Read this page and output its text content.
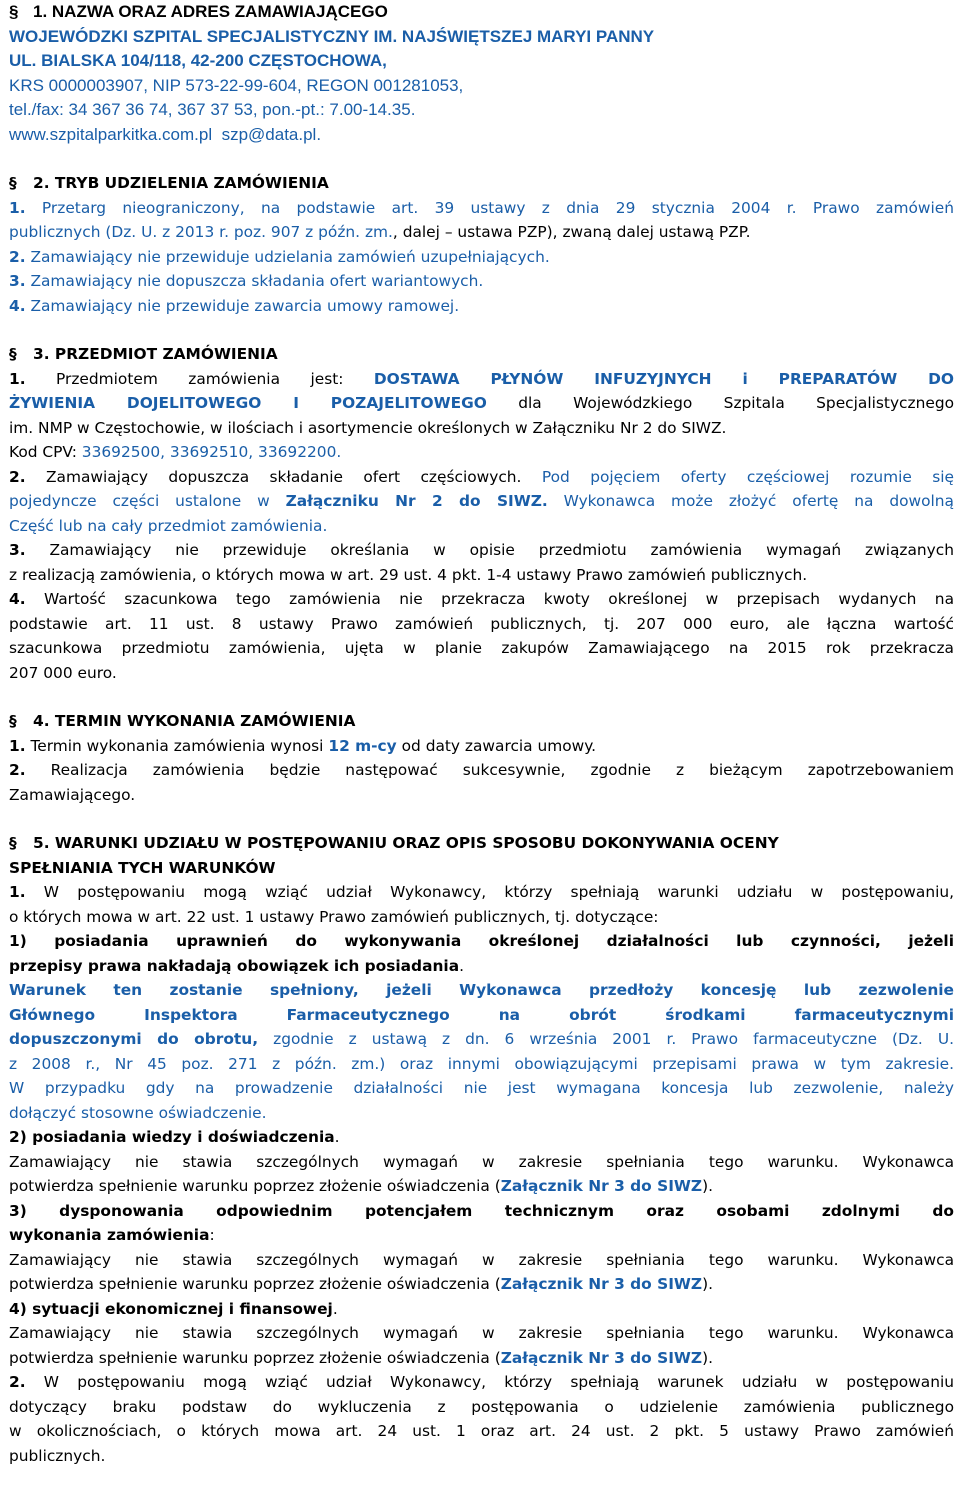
§ 1. NAZWA ORAZ ADRES ZAMAWIAJĄCEGO
WOJEWÓDZKI SZPITAL SPECJALISTYCZNY IM. NAJŚWIĘTSZEJ MARYI PANNY
UL. BIALSKA 104/118, 42-200 CZĘSTOCHOWA,
KRS 0000003907, NIP 573-22-99-604, REGON 001281053,
tel./fax: 34 367 36 74, 367 37 53, pon.-pt.: 7.00-14.35.
www.szpitalparkitka.com.pl szp@data.pl.
§ 2. TRYB UDZIELENIA ZAMÓWIENIA
1. Przetarg nieograniczony, na podstawie art. 39 ustawy z dnia 29 stycznia 2004 r. Prawo zamówień
publicznych (Dz. U. z 2013 r. poz. 907 z późn. zm., dalej – ustawa PZP), zwaną dalej ustawą PZP.
2. Zamawiający nie przewiduje udzielania zamówień uzupełniających.
3. Zamawiający nie dopuszcza składania ofert wariantowych.
4. Zamawiający nie przewiduje zawarcia umowy ramowej.
§ 3. PRZEDMIOT ZAMÓWIENIA
1. Przedmiotem zamówienia jest: DOSTAWA PŁYNÓW INFUZYJNYCH i PREPARATÓW DO
ŻYWIENIA DOJELITOWEGO I POZAJELITOWEGO dla Wojewódzkiego Szpitala Specjalistycznego
im. NMP w Częstochowie, w ilościach i asortymencie określonych w Załączniku Nr 2 do SIWZ.
Kod CPV: 33692500, 33692510, 33692200.
2. Zamawiający dopuszcza składanie ofert częściowych. Pod pojęciem oferty częściowej rozumie się
pojedyncze części ustalone w Załączniku Nr 2 do SIWZ. Wykonawca może złożyć ofertę na dowolną
Część lub na cały przedmiot zamówienia.
3. Zamawiający nie przewiduje określania w opisie przedmiotu zamówienia wymagań związanych
z realizacją zamówienia, o których mowa w art. 29 ust. 4 pkt. 1-4 ustawy Prawo zamówień publicznych.
4. Wartość szacunkowa tego zamówienia nie przekracza kwoty określonej w przepisach wydanych na
podstawie art. 11 ust. 8 ustawy Prawo zamówień publicznych, tj. 207 000 euro, ale łączna wartość
szacunkowa przedmiotu zamówienia, ujęta w planie zakupów Zamawiającego na 2015 rok przekracza
207 000 euro.
§ 4. TERMIN WYKONANIA ZAMÓWIENIA
1. Termin wykonania zamówienia wynosi 12 m-cy od daty zawarcia umowy.
2. Realizacja zamówienia będzie następować sukcesywnie, zgodnie z bieżącym zapotrzebowaniem
Zamawiającego.
§ 5. WARUNKI UDZIAŁU W POSTĘPOWANIU ORAZ OPIS SPOSOBU DOKONYWANIA OCENY
SPEŁNIANIA TYCH WARUNKÓW
1. W postępowaniu mogą wziąć udział Wykonawcy, którzy spełniają warunki udziału w postępowaniu,
o których mowa w art. 22 ust. 1 ustawy Prawo zamówień publicznych, tj. dotyczące:
1) posiadania uprawnień do wykonywania określonej działalności lub czynności, jeżeli
przepisy prawa nakładają obowiązek ich posiadania.
Warunek ten zostanie spełniony, jeżeli Wykonawca przedłoży koncesję lub zezwolenie
Głównego Inspektora Farmaceutycznego na obrót środkami farmaceutycznymi
dopuszczonymi do obrotu, zgodnie z ustawą z dn. 6 września 2001 r. Prawo farmaceutyczne (Dz. U.
z 2008 r., Nr 45 poz. 271 z późn. zm.) oraz innymi obowiązującymi przepisami prawa w tym zakresie.
W przypadku gdy na prowadzenie działalności nie jest wymagana koncesja lub zezwolenie, należy
dołączyć stosowne oświadczenie.
2) posiadania wiedzy i doświadczenia.
Zamawiający nie stawia szczególnych wymagań w zakresie spełniania tego warunku. Wykonawca
potwierdza spełnienie warunku poprzez złożenie oświadczenia (Załącznik Nr 3 do SIWZ).
3) dysponowania odpowiednim potencjałem technicznym oraz osobami zdolnymi do
wykonania zamówienia:
Zamawiający nie stawia szczególnych wymagań w zakresie spełniania tego warunku. Wykonawca
potwierdza spełnienie warunku poprzez złożenie oświadczenia (Załącznik Nr 3 do SIWZ).
4) sytuacji ekonomicznej i finansowej.
Zamawiający nie stawia szczególnych wymagań w zakresie spełniania tego warunku. Wykonawca
potwierdza spełnienie warunku poprzez złożenie oświadczenia (Załącznik Nr 3 do SIWZ).
2. W postępowaniu mogą wziąć udział Wykonawcy, którzy spełniają warunek udziału w postępowaniu
dotyczący braku podstaw do wykluczenia z postępowania o udzielenie zamówienia publicznego
w okolicznościach, o których mowa art. 24 ust. 1 oraz art. 24 ust. 2 pkt. 5 ustawy Prawo zamówień
publicznych.
